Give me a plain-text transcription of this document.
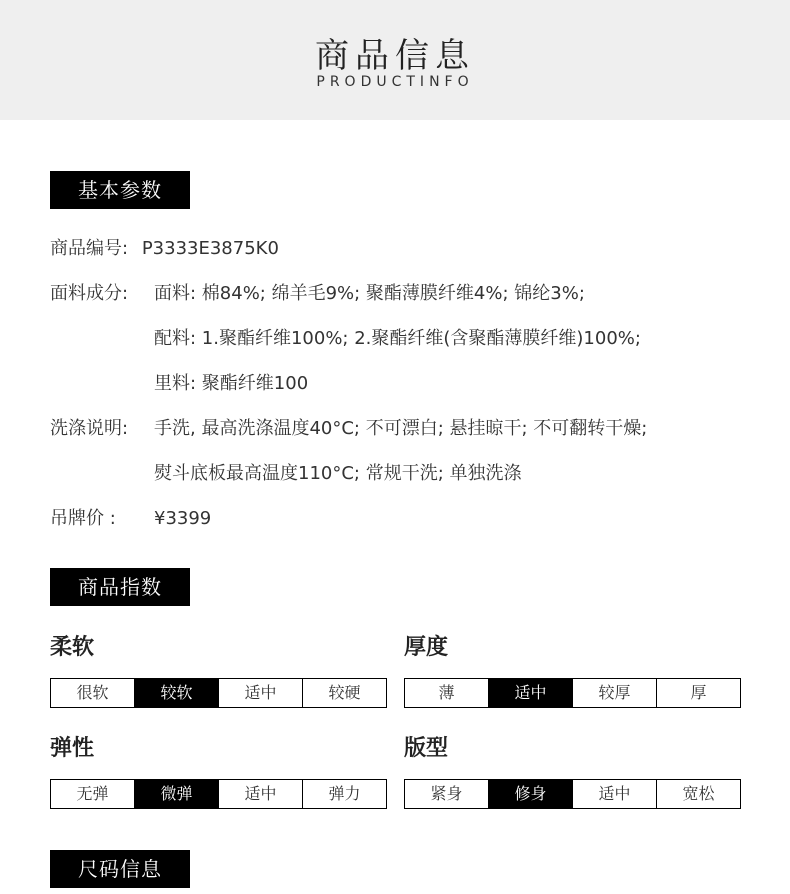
商品信息
PRODUCTINFO
基本参数
商品编号: P3333E3875K0
面料成分: 面料: 棉84%; 绵羊毛9%; 聚酯薄膜纤维4%; 锦纶3%;
配料: 1.聚酯纤维100%; 2.聚酯纤维(含聚酯薄膜纤维)100%;
里料: 聚酯纤维100
洗涤说明: 手洗, 最高洗涤温度40°C; 不可漂白; 悬挂晾干; 不可翻转干燥;
熨斗底板最高温度110°C; 常规干洗; 单独洗涤
吊牌价 : ¥3399
商品指数
柔软
很软	较软	适中	较硬
厚度
薄	适中	较厚	厚
弹性
无弹	微弹	适中	弹力
版型
紧身	修身	适中	宽松
尺码信息
